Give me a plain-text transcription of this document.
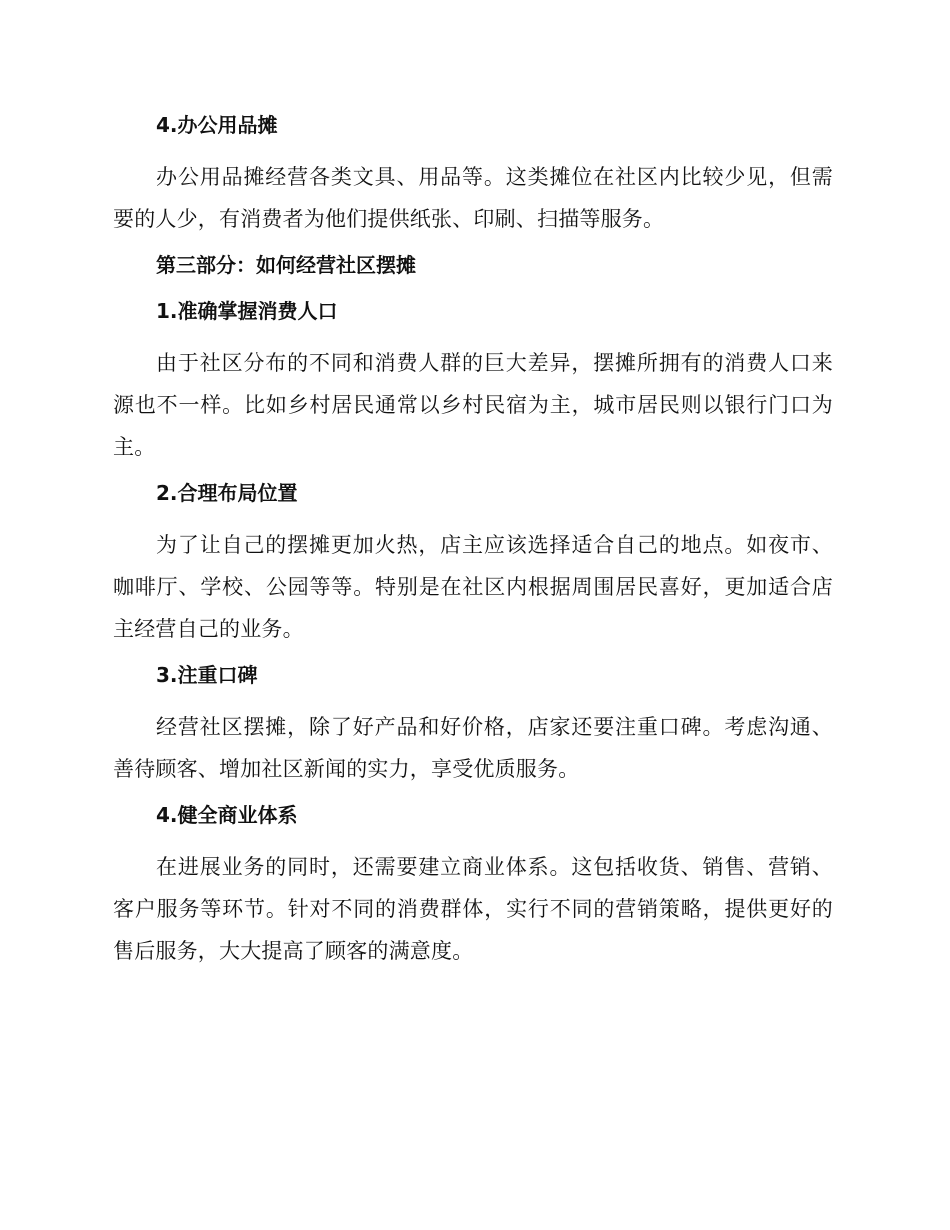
4.办公用品摊

办公用品摊经营各类文具、用品等。这类摊位在社区内比较少见，但需要的人少，有消费者为他们提供纸张、印刷、扫描等服务。

第三部分：如何经营社区摆摊
1.准确掌握消费人口

由于社区分布的不同和消费人群的巨大差异，摆摊所拥有的消费人口来源也不一样。比如乡村居民通常以乡村民宿为主，城市居民则以银行门口为主。

2.合理布局位置

为了让自己的摆摊更加火热，店主应该选择适合自己的地点。如夜市、咖啡厅、学校、公园等等。特别是在社区内根据周围居民喜好，更加适合店主经营自己的业务。

3.注重口碑

经营社区摆摊，除了好产品和好价格，店家还要注重口碑。考虑沟通、善待顾客、增加社区新闻的实力，享受优质服务。

4.健全商业体系

在进展业务的同时，还需要建立商业体系。这包括收货、销售、营销、客户服务等环节。针对不同的消费群体，实行不同的营销策略，提供更好的售后服务，大大提高了顾客的满意度。
